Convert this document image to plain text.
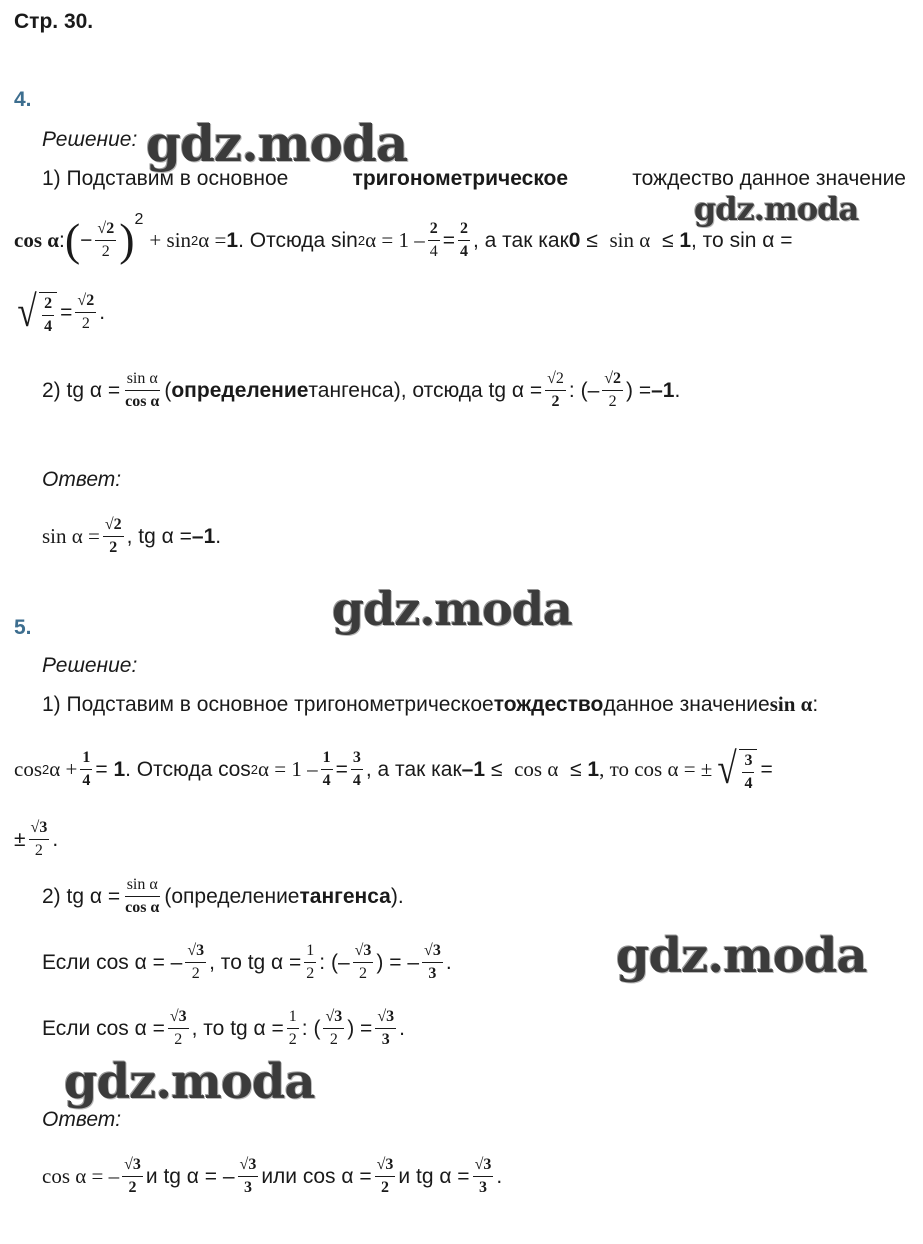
Стр. 30.
4.
Решение: gdz.moda
1) Подставим в основное	тригонометрическое	тождество данное значение
gdz.moda
cos α : ( − $\frac{√2}{2} )^2$
+ sin 2 α = 1 . Отсюда sin 2 $\alpha = 1 - \frac{2}{4} = \frac{2}{4}$ , а так как 0
≤
sin α
≤
1 , то sin α =
√ $\frac{2}{4} = \frac{√2}{2}$ .
2) tg $\alpha = \frac{\text{sin α}}{\text{cos α}}$ ( определение тангенса), отсюда tg $\alpha = \frac{√2}{2}$ : (– $\frac{√2}{2}$ ) = –1 .
Ответ:
$\sin \alpha = \frac{√2}{2}$ , tg α = –1 .
gdz.moda
5.
Решение:
1) Подставим в основное тригонометрическое тождество данное значение sin α :
cos 2 $\alpha + \frac{1}{4}$ =
1 . Отсюда cos 2 $\alpha = 1 - \frac{1}{4} = \frac{3}{4}$ , а так как –1
≤
cos α
≤
1 , то cos α = ± √ $\frac{3}{4}$ =
± $\frac{√3}{2}$ .
2) tg $\alpha = \frac{\text{sin α}}{\text{cos α}}$ (определение тангенса ).
Если cos α = – $\frac{√3}{2}$ , то tg $\alpha = \frac{1}{2}$ : (– $\frac{√3}{2}$ ) = – $\frac{√3}{3}$ .	gdz.moda
Если $\cos \alpha = \frac{√3}{2}$ , то tg $\alpha = \frac{1}{2}$ : ( $\frac{√3}{2}$ ) = $\frac{√3}{3}$ .
gdz.moda
Ответ:
cos α = – $\frac{√3}{2}$ и tg α = – $\frac{√3}{3}$ или $\cos \alpha = \frac{√3}{2}$ и tg $\alpha = \frac{√3}{3}$ .
